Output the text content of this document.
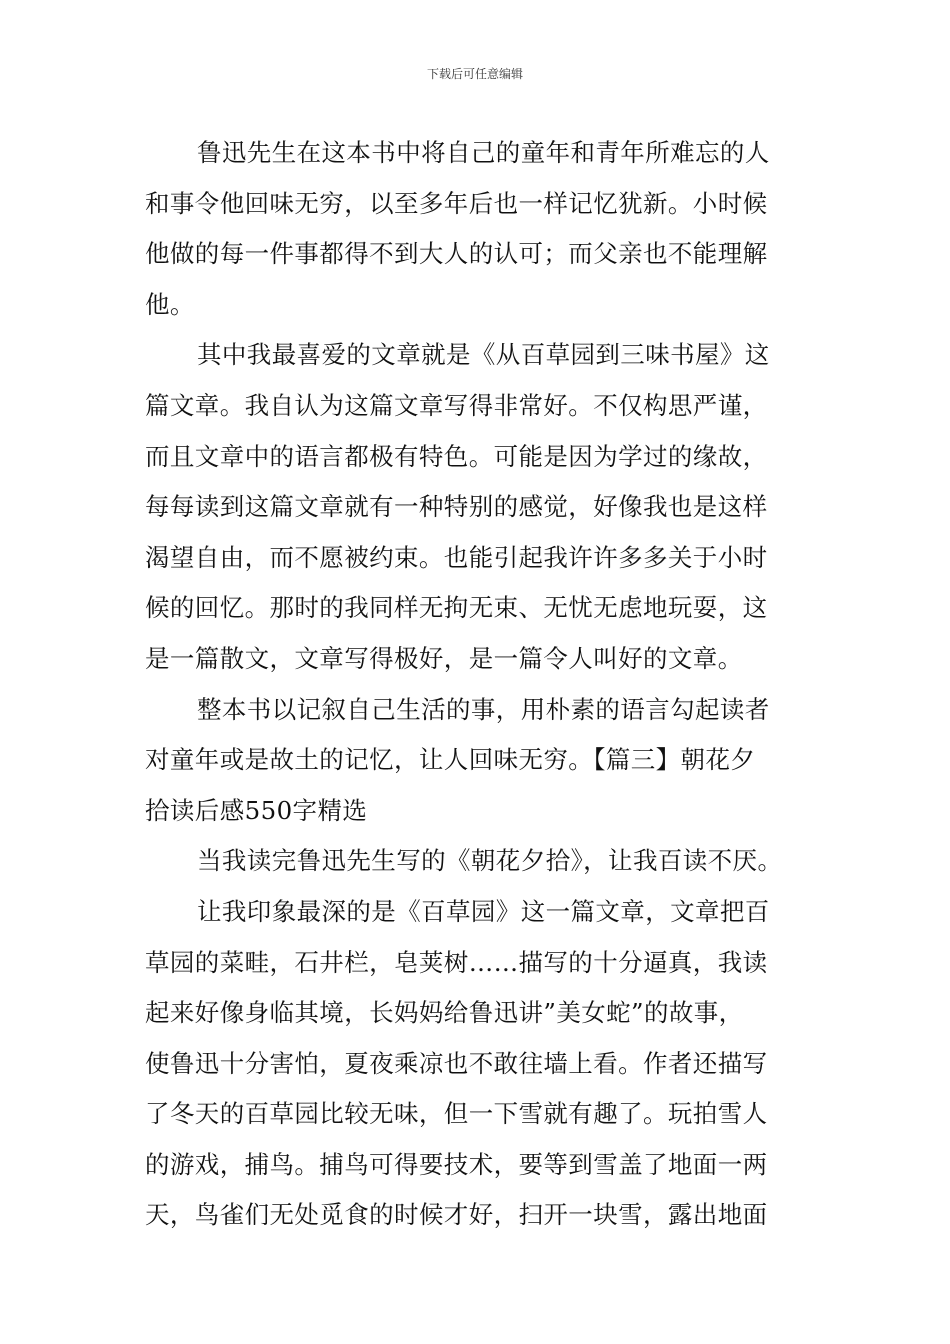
下载后可任意编辑
鲁迅先生在这本书中将自己的童年和青年所难忘的人
和事令他回味无穷，以至多年后也一样记忆犹新。小时候
他做的每一件事都得不到大人的认可；而父亲也不能理解
他。
其中我最喜爱的文章就是《从百草园到三味书屋》这
篇文章。我自认为这篇文章写得非常好。不仅构思严谨，
而且文章中的语言都极有特色。可能是因为学过的缘故，
每每读到这篇文章就有一种特别的感觉，好像我也是这样
渴望自由，而不愿被约束。也能引起我许许多多关于小时
候的回忆。那时的我同样无拘无束、无忧无虑地玩耍，这
是一篇散文，文章写得极好，是一篇令人叫好的文章。
整本书以记叙自己生活的事，用朴素的语言勾起读者
对童年或是故土的记忆，让人回味无穷。【篇三】朝花夕
拾读后感550字精选
当我读完鲁迅先生写的《朝花夕拾》，让我百读不厌。
让我印象最深的是《百草园》这一篇文章，文章把百
草园的菜畦，石井栏，皂荚树……描写的十分逼真，我读
起来好像身临其境，长妈妈给鲁迅讲”美女蛇”的故事，
使鲁迅十分害怕，夏夜乘凉也不敢往墙上看。作者还描写
了冬天的百草园比较无味，但一下雪就有趣了。玩拍雪人
的游戏，捕鸟。捕鸟可得要技术，要等到雪盖了地面一两
天，鸟雀们无处觅食的时候才好，扫开一块雪，露出地面
